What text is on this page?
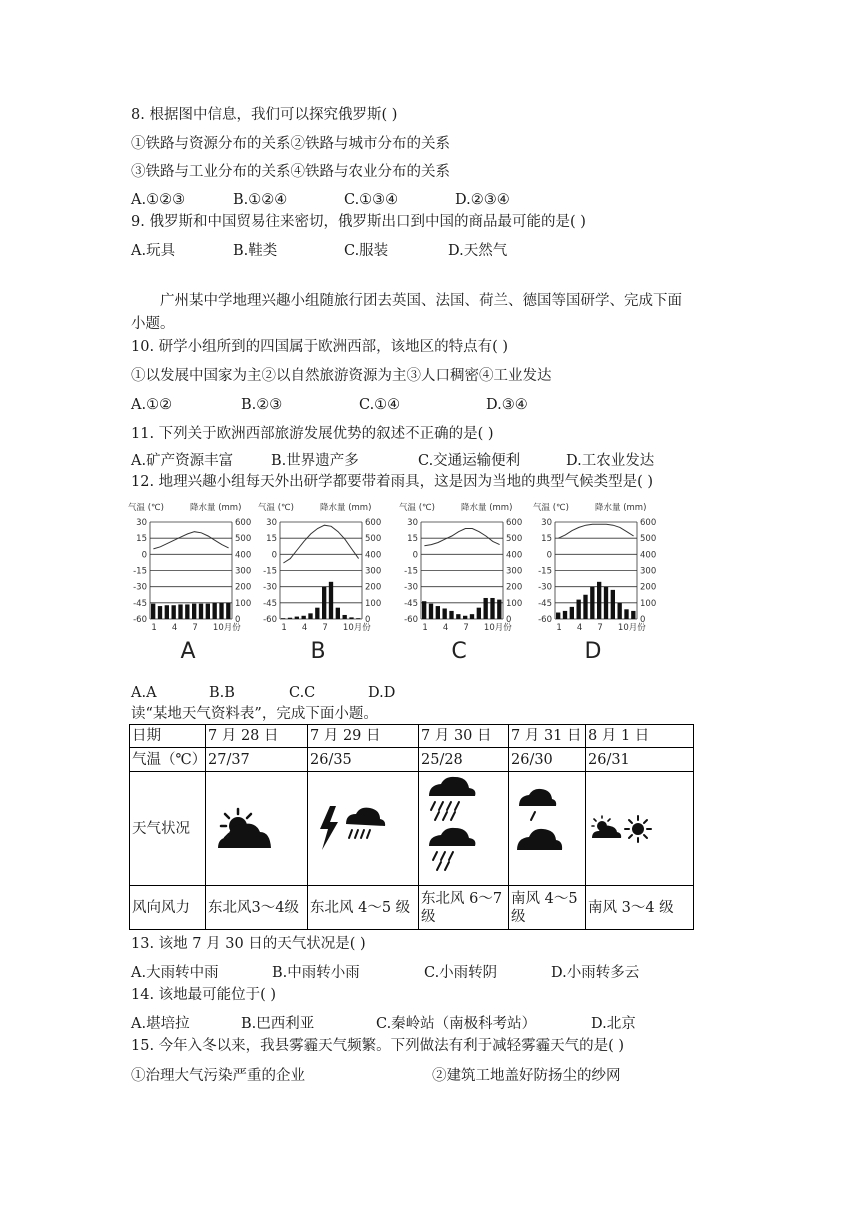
8. 根据图中信息，我们可以探究俄罗斯( )
①铁路与资源分布的关系②铁路与城市分布的关系
③铁路与工业分布的关系④铁路与农业分布的关系
A.①②③	B.①②④	C.①③④	D.②③④
9. 俄罗斯和中国贸易往来密切，俄罗斯出口到中国的商品最可能的是( )
A.玩具	B.鞋类	C.服装	D.天然气
广州某中学地理兴趣小组随旅行团去英国、法国、荷兰、德国等国研学、完成下面
小题。
10. 研学小组所到的四国属于欧洲西部，该地区的特点有( )
①以发展中国家为主②以自然旅游资源为主③人口稠密④工业发达
A.①②	B.②③	C.①④	D.③④
11. 下列关于欧洲西部旅游发展优势的叙述不正确的是( )
A.矿产资源丰富	B.世界遗产多	C.交通运输便利	D.工农业发达
12. 地理兴趣小组每天外出研学都要带着雨具，这是因为当地的典型气候类型是( )
气温 (℃)	降水量 (mm)
30	600
15	500
0	400
-15	300
-30	200
-45	100
-60	0
1 4 7 10月份
A
气温 (℃)	降水量 (mm)
30	600
15	500
0	400
-15	300
-30	200
-45	100
-60	0
1 4 7 10月份
B
气温 (℃)	降水量 (mm)
30	600
15	500
0	400
-15	300
-30	200
-45	100
-60	0
1 4 7 10月份
C
气温 (℃)	降水量 (mm)
30	600
15	500
0	400
-15	300
-30	200
-45	100
-60	0
1 4 7 10月份
D
A.A	B.B	C.C	D.D
读“某地天气资料表”，完成下面小题。
日期	7 月 28 日	7 月 29 日	7 月 30 日	7 月 31 日	8 月 1 日
气温（℃）	27/37	26/35	25/28	26/30	26/31
天气状况	

风向风力	东北风3～4级	东北风 4～5 级	东北风 6～7级	南风 4～5级	南风 3～4 级
13. 该地 7 月 30 日的天气状况是( )
A.大雨转中雨	B.中雨转小雨	C.小雨转阴	D.小雨转多云
14. 该地最可能位于( )
A.堪培拉	B.巴西利亚	C.秦岭站（南极科考站）	D.北京
15. 今年入冬以来，我县雾霾天气频繁。下列做法有利于减轻雾霾天气的是( )
①治理大气污染严重的企业	②建筑工地盖好防扬尘的纱网
